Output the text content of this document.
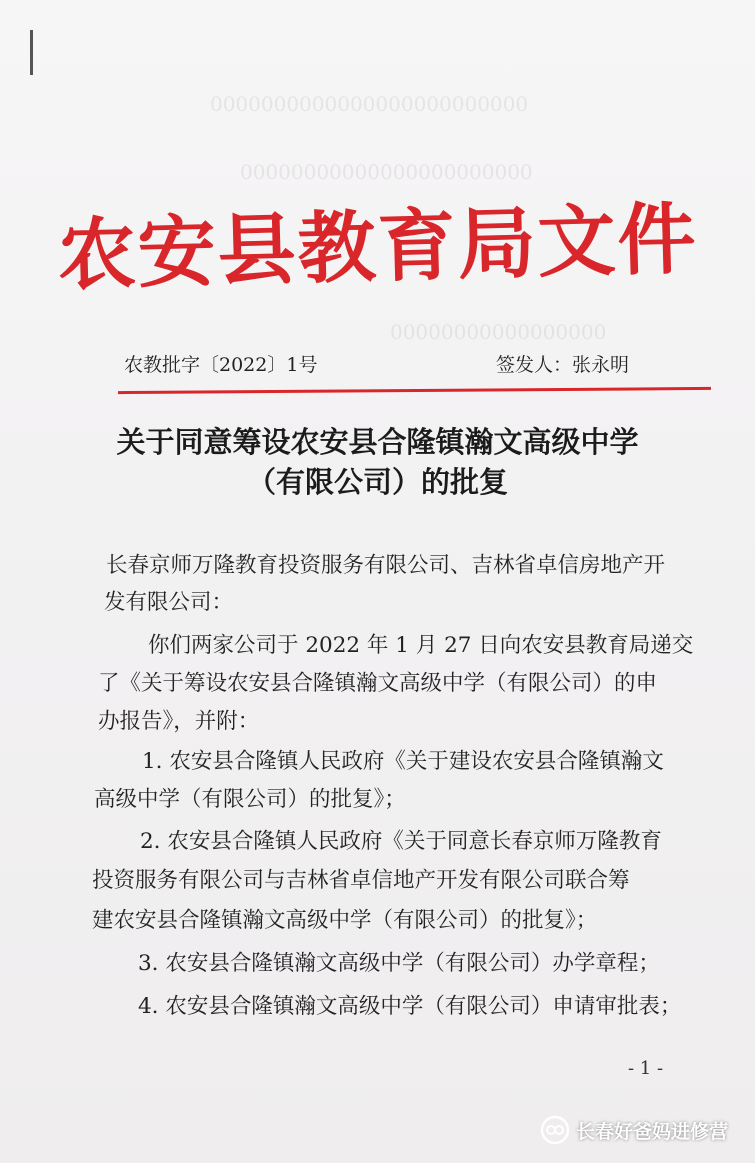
0000000000000000000000000
00000000000000000000000
00000000000000000
农安县教育局文件
农教批字〔2022〕1号	签发人：张永明
关于同意筹设农安县合隆镇瀚文高级中学
（有限公司）的批复
长春京师万隆教育投资服务有限公司、吉林省卓信房地产开
发有限公司：
你们两家公司于 2022 年 1 月 27 日向农安县教育局递交
了《关于筹设农安县合隆镇瀚文高级中学（有限公司）的申
办报告》，并附：
1. 农安县合隆镇人民政府《关于建设农安县合隆镇瀚文
高级中学（有限公司）的批复》；
2. 农安县合隆镇人民政府《关于同意长春京师万隆教育
投资服务有限公司与吉林省卓信地产开发有限公司联合筹
建农安县合隆镇瀚文高级中学（有限公司）的批复》；
3. 农安县合隆镇瀚文高级中学（有限公司）办学章程；
4. 农安县合隆镇瀚文高级中学（有限公司）申请审批表；
- 1 -
长春好爸妈进修营
